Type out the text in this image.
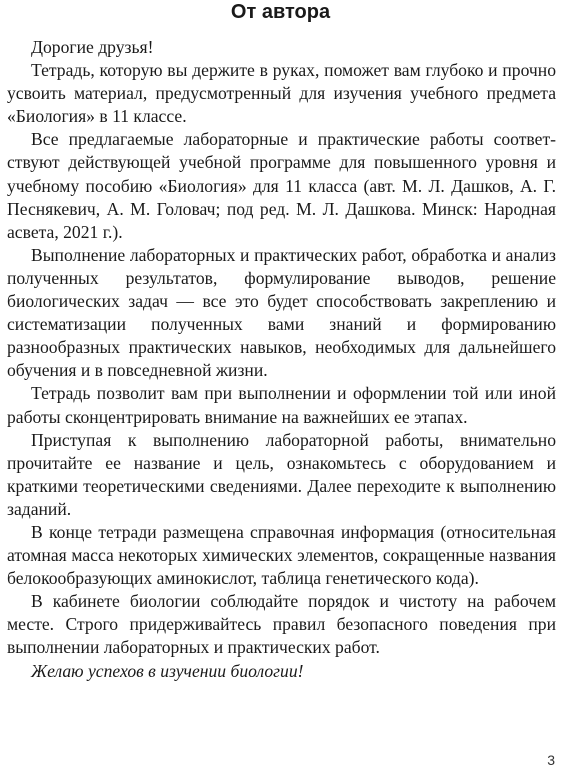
От автора

Дорогие друзья!

Тетрадь, которую вы держите в руках, поможет вам глубоко и прочно усвоить материал, предусмотренный для изучения учебного предмета «Биология» в 11 классе.

Все предлагаемые лабораторные и практические работы соответствуют действующей учебной программе для повышенного уровня и учебному пособию «Биология» для 11 класса (авт. М. Л. Дашков, А. Г. Песнякевич, А. М. Головач; под ред. М. Л. Дашкова. Минск: Народная асвета, 2021 г.).

Выполнение лабораторных и практических работ, обработка и анализ полученных результатов, формулирование выводов, решение биологических задач — все это будет способствовать закреплению и систематизации полученных вами знаний и формированию разнообразных практических навыков, необходимых для дальнейшего обучения и в повседневной жизни.

Тетрадь позволит вам при выполнении и оформлении той или иной работы сконцентрировать внимание на важнейших ее этапах.

Приступая к выполнению лабораторной работы, внимательно прочитайте ее название и цель, ознакомьтесь с оборудованием и краткими теоретическими сведениями. Далее переходите к выполнению заданий.

В конце тетради размещена справочная информация (относительная атомная масса некоторых химических элементов, сокращенные названия белокообразующих аминокислот, таблица генетического кода).

В кабинете биологии соблюдайте порядок и чистоту на рабочем месте. Строго придерживайтесь правил безопасного поведения при выполнении лабораторных и практических работ.

Желаю успехов в изучении биологии!

3
